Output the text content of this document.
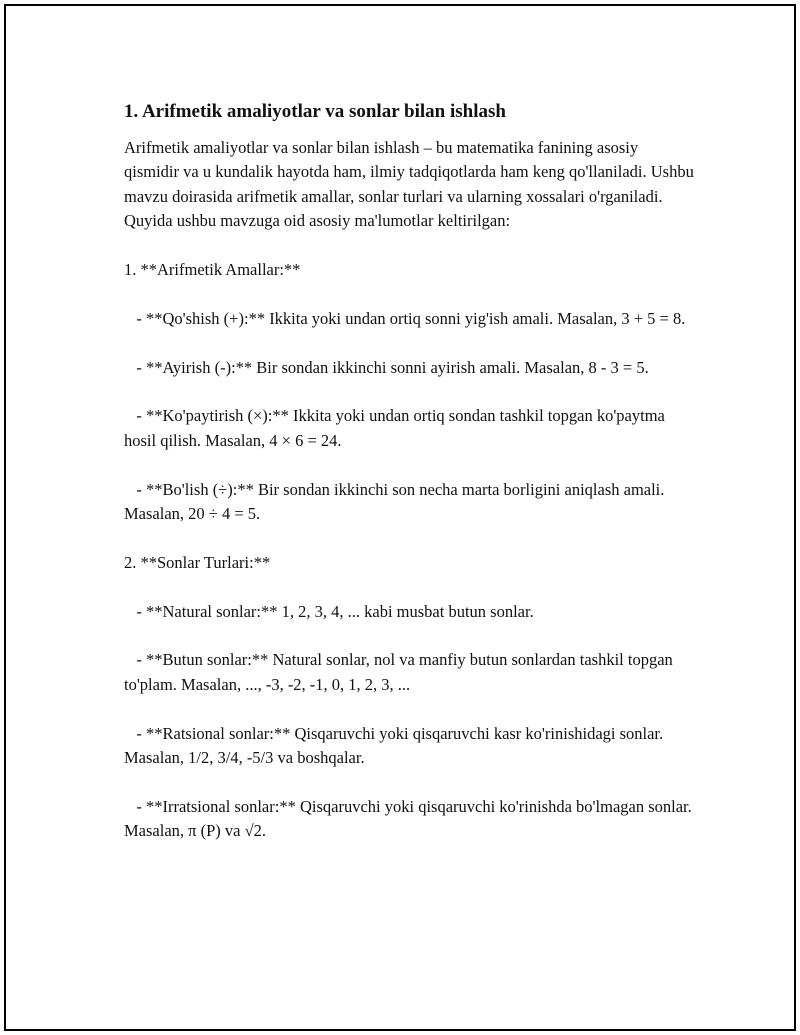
1. Arifmetik amaliyotlar va sonlar bilan ishlash
Arifmetik amaliyotlar va sonlar bilan ishlash – bu matematika fanining asosiy qismidir va u kundalik hayotda ham, ilmiy tadqiqotlarda ham keng qo'llaniladi. Ushbu mavzu doirasida arifmetik amallar, sonlar turlari va ularning xossalari o'rganiladi. Quyida ushbu mavzuga oid asosiy ma'lumotlar keltirilgan:
1. **Arifmetik Amallar:**
- **Qo'shish (+):** Ikkita yoki undan ortiq sonni yig'ish amali. Masalan, 3 + 5 = 8.
- **Ayirish (-):** Bir sondan ikkinchi sonni ayirish amali. Masalan, 8 - 3 = 5.
- **Ko'paytirish (×):** Ikkita yoki undan ortiq sondan tashkil topgan ko'paytma hosil qilish. Masalan, 4 × 6 = 24.
- **Bo'lish (÷):** Bir sondan ikkinchi son necha marta borligini aniqlash amali. Masalan, 20 ÷ 4 = 5.
2. **Sonlar Turlari:**
- **Natural sonlar:** 1, 2, 3, 4, ... kabi musbat butun sonlar.
- **Butun sonlar:** Natural sonlar, nol va manfiy butun sonlardan tashkil topgan to'plam. Masalan, ..., -3, -2, -1, 0, 1, 2, 3, ...
- **Ratsional sonlar:** Qisqaruvchi yoki qisqaruvchi kasr ko'rinishidagi sonlar. Masalan, 1/2, 3/4, -5/3 va boshqalar.
- **Irratsional sonlar:** Qisqaruvchi yoki qisqaruvchi ko'rinishda bo'lmagan sonlar. Masalan, π (P) va √2.
